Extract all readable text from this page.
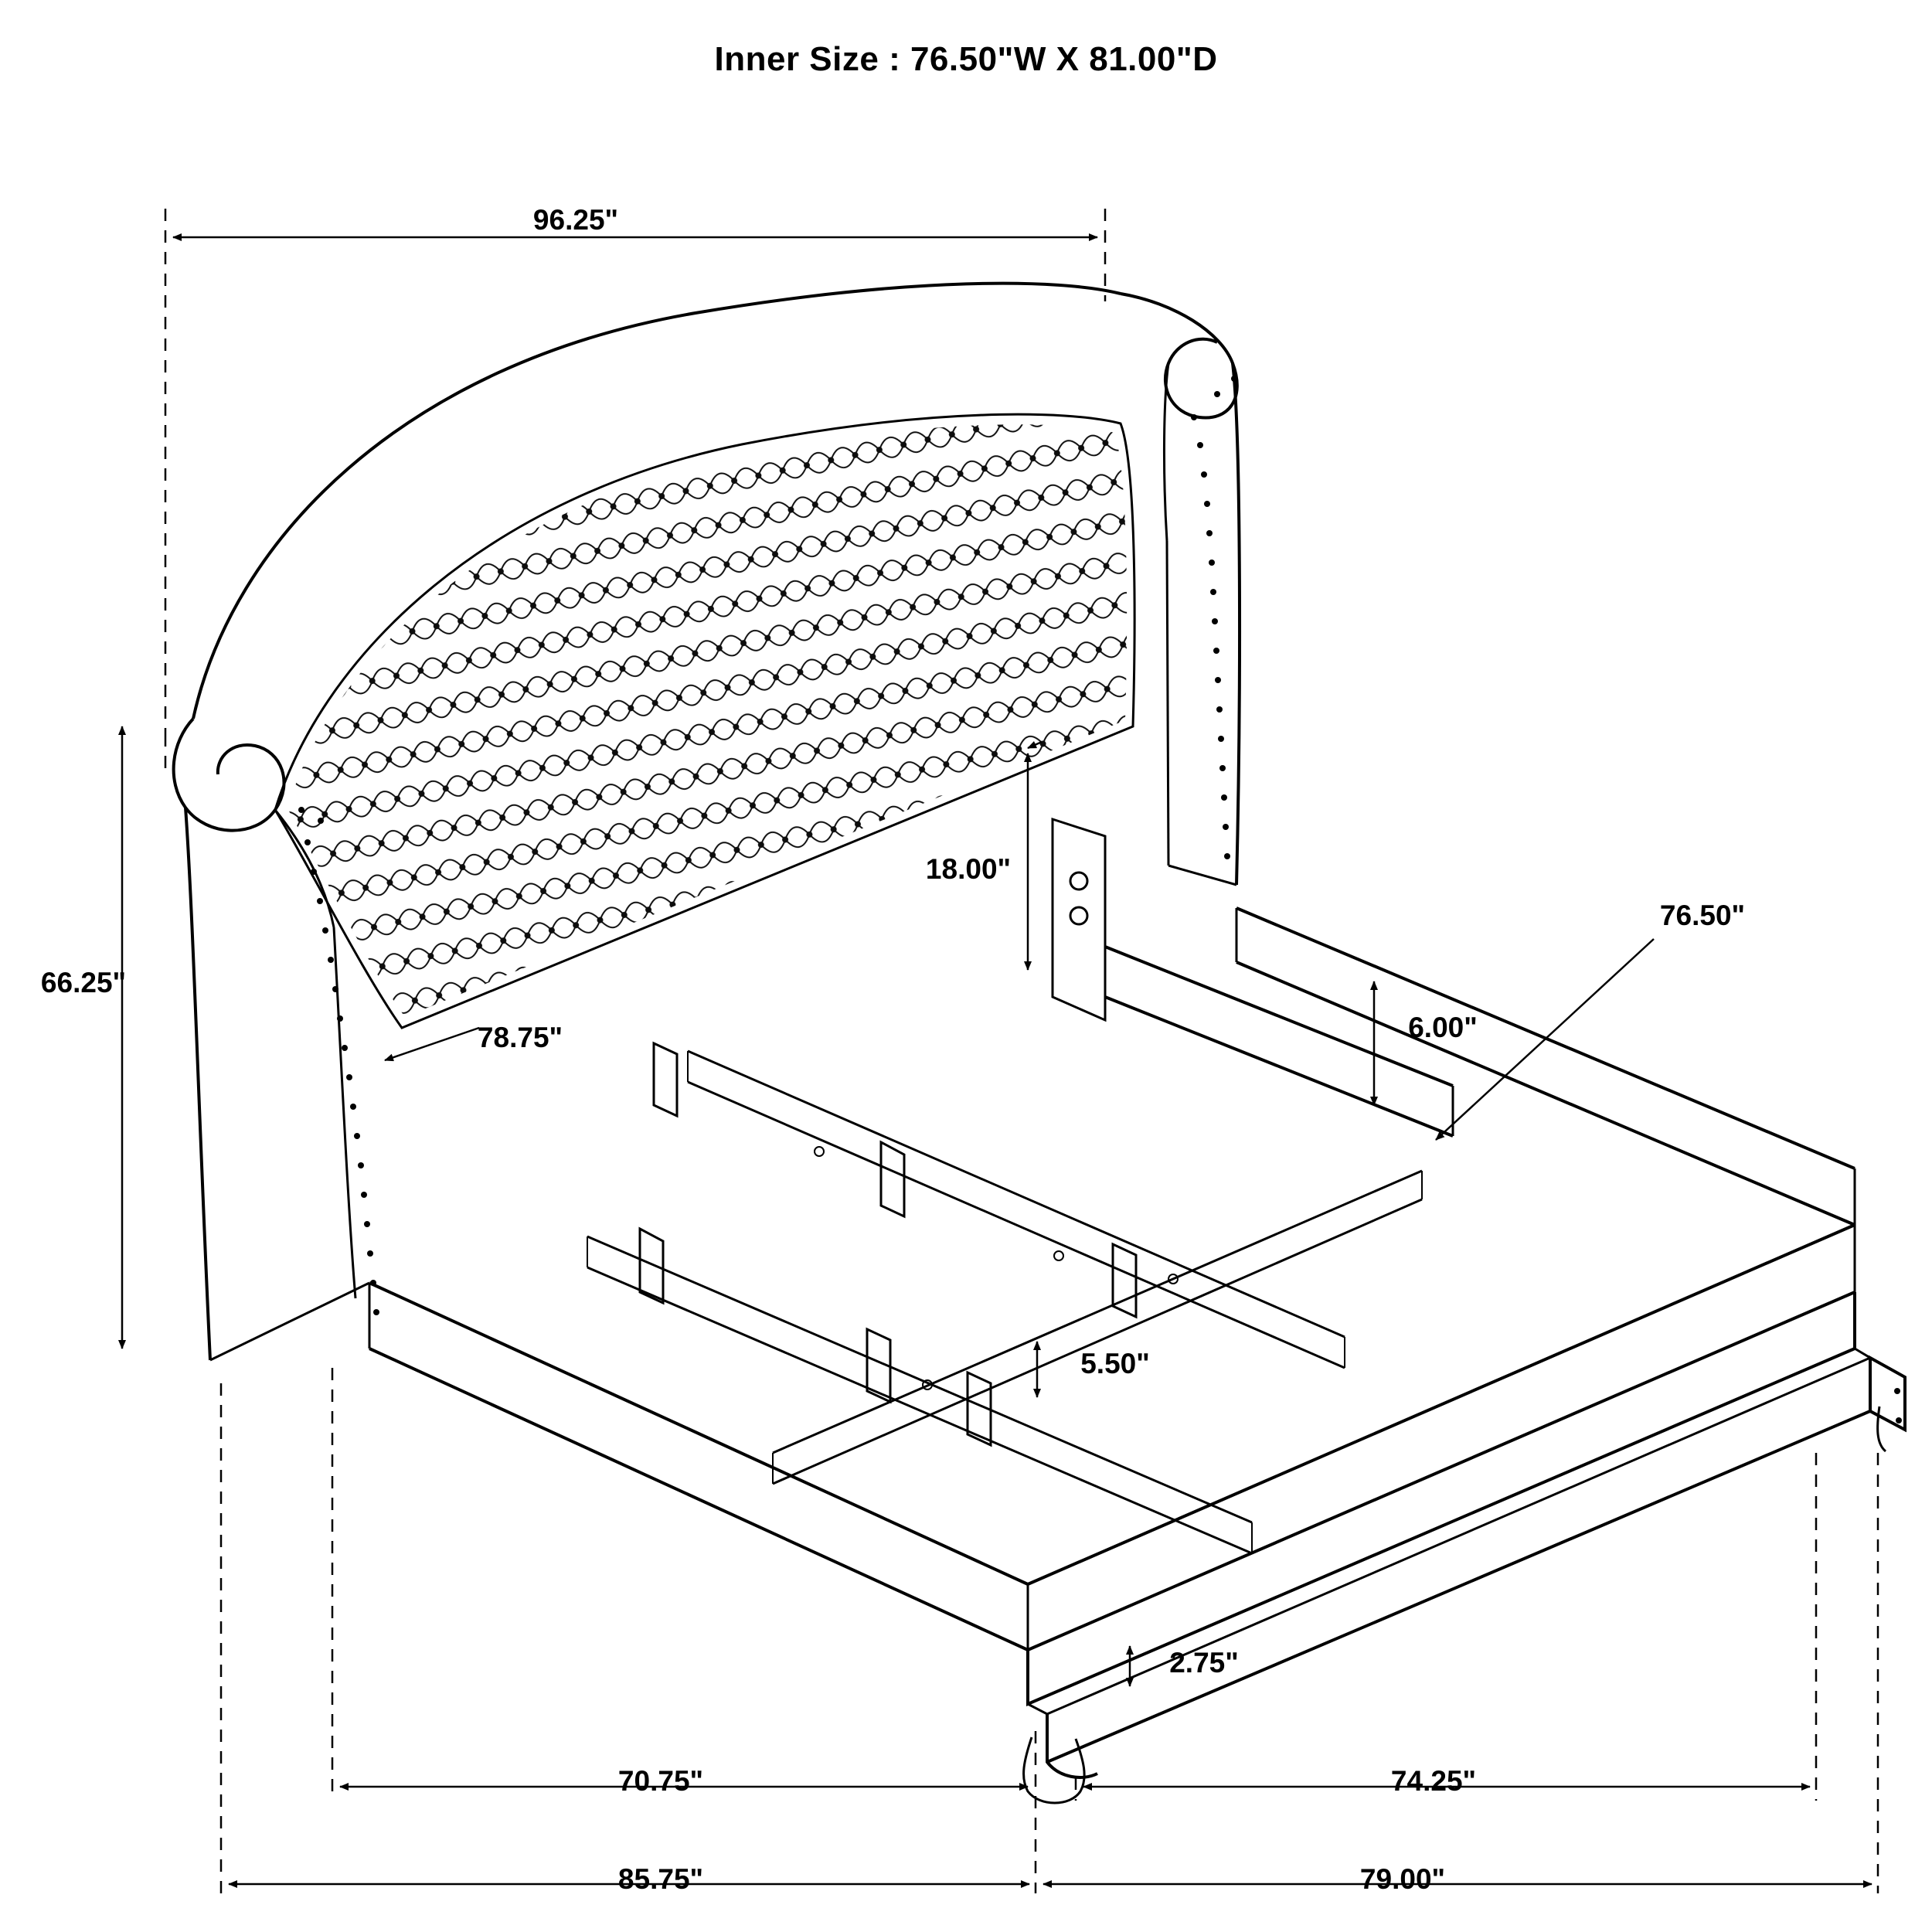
Inner Size : 76.50"W X 81.00"D
96.25"
66.25"
18.00"
78.75"	6.00"
76.50"
5.50"
2.75"
70.75"	74.25"
85.75"	79.00"
